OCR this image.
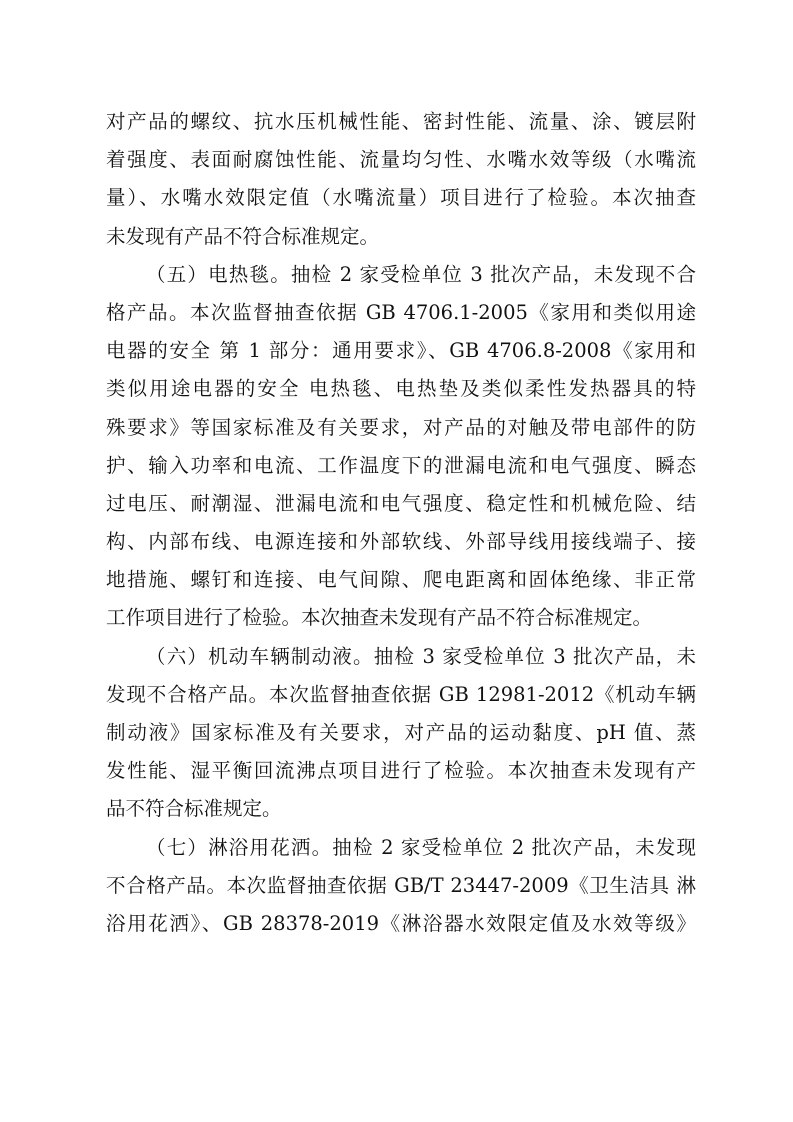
对产品的螺纹、抗水压机械性能、密封性能、流量、涂、镀层附
着强度、表面耐腐蚀性能、流量均匀性、水嘴水效等级（水嘴流
量）、水嘴水效限定值（水嘴流量）项目进行了检验。本次抽查
未发现有产品不符合标准规定。
（五）电热毯。抽检 2 家受检单位 3 批次产品，未发现不合
格产品。本次监督抽查依据 GB 4706.1-2005《家用和类似用途
电器的安全 第 1 部分：通用要求》、GB 4706.8-2008《家用和
类似用途电器的安全 电热毯、电热垫及类似柔性发热器具的特
殊要求》等国家标准及有关要求，对产品的对触及带电部件的防
护、输入功率和电流、工作温度下的泄漏电流和电气强度、瞬态
过电压、耐潮湿、泄漏电流和电气强度、稳定性和机械危险、结
构、内部布线、电源连接和外部软线、外部导线用接线端子、接
地措施、螺钉和连接、电气间隙、爬电距离和固体绝缘、非正常
工作项目进行了检验。本次抽查未发现有产品不符合标准规定。
（六）机动车辆制动液。抽检 3 家受检单位 3 批次产品，未
发现不合格产品。本次监督抽查依据 GB 12981-2012《机动车辆
制动液》国家标准及有关要求，对产品的运动黏度、pH 值、蒸
发性能、湿平衡回流沸点项目进行了检验。本次抽查未发现有产
品不符合标准规定。
（七）淋浴用花洒。抽检 2 家受检单位 2 批次产品，未发现
不合格产品。本次监督抽查依据 GB/T 23447-2009《卫生洁具 淋
浴用花洒》、GB 28378-2019《淋浴器水效限定值及水效等级》
